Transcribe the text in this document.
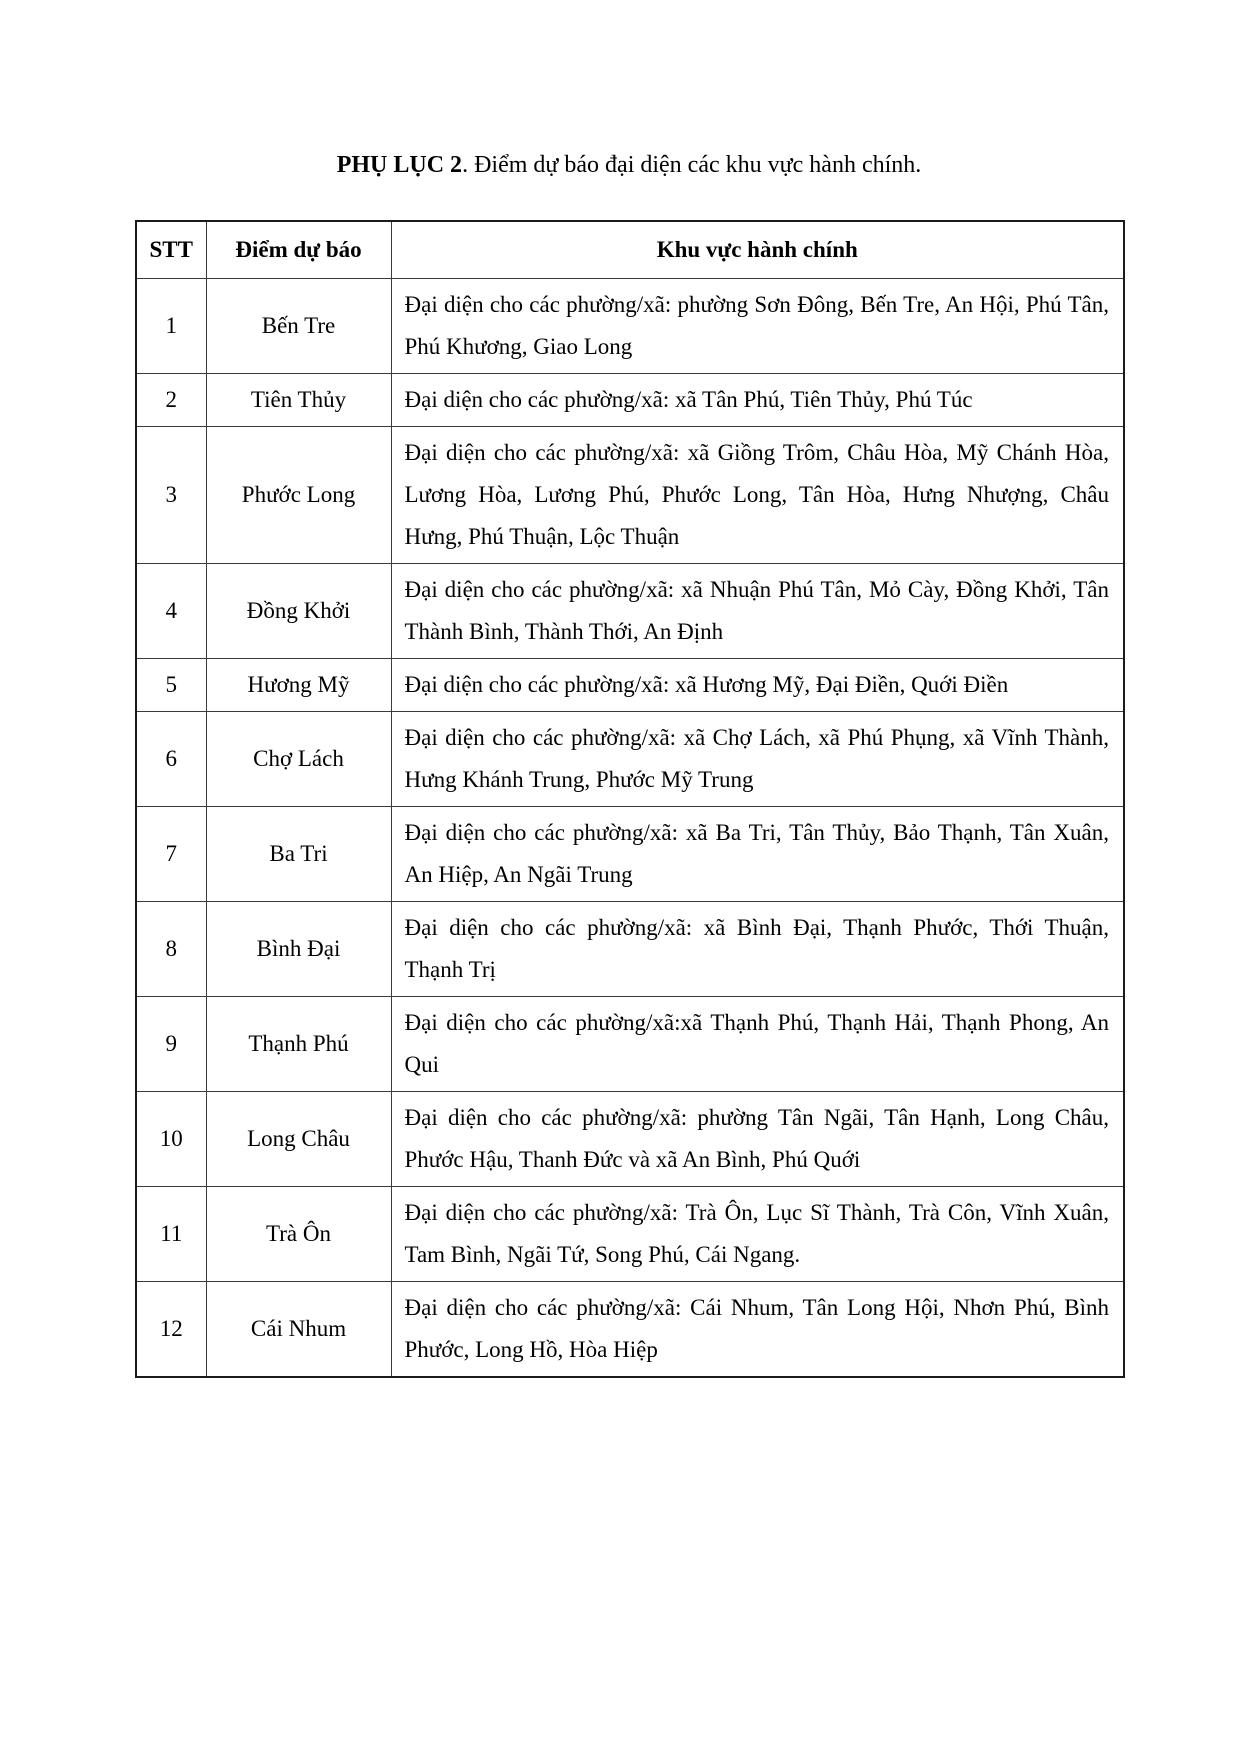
PHỤ LỤC 2. Điểm dự báo đại diện các khu vực hành chính.
STT	Điểm dự báo	Khu vực hành chính
1	Bến Tre	Đại diện cho các phường/xã: phường Sơn Đông, Bến Tre, An Hội, Phú Tân, Phú Khương, Giao Long
2	Tiên Thủy	Đại diện cho các phường/xã: xã Tân Phú, Tiên Thủy, Phú Túc
3	Phước Long	Đại diện cho các phường/xã: xã Giồng Trôm, Châu Hòa, Mỹ Chánh Hòa, Lương Hòa, Lương Phú, Phước Long, Tân Hòa, Hưng Nhượng, Châu Hưng, Phú Thuận, Lộc Thuận
4	Đồng Khởi	Đại diện cho các phường/xã: xã Nhuận Phú Tân, Mỏ Cày, Đồng Khởi, Tân Thành Bình, Thành Thới, An Định
5	Hương Mỹ	Đại diện cho các phường/xã: xã Hương Mỹ, Đại Điền, Quới Điền
6	Chợ Lách	Đại diện cho các phường/xã: xã Chợ Lách, xã Phú Phụng, xã Vĩnh Thành, Hưng Khánh Trung, Phước Mỹ Trung
7	Ba Tri	Đại diện cho các phường/xã: xã Ba Tri, Tân Thủy, Bảo Thạnh, Tân Xuân, An Hiệp, An Ngãi Trung
8	Bình Đại	Đại diện cho các phường/xã: xã Bình Đại, Thạnh Phước, Thới Thuận, Thạnh Trị
9	Thạnh Phú	Đại diện cho các phường/xã:xã Thạnh Phú, Thạnh Hải, Thạnh Phong, An Qui
10	Long Châu	Đại diện cho các phường/xã: phường Tân Ngãi, Tân Hạnh, Long Châu, Phước Hậu, Thanh Đức và xã An Bình, Phú Quới
11	Trà Ôn	Đại diện cho các phường/xã: Trà Ôn, Lục Sĩ Thành, Trà Côn, Vĩnh Xuân, Tam Bình, Ngãi Tứ, Song Phú, Cái Ngang.
12	Cái Nhum	Đại diện cho các phường/xã: Cái Nhum, Tân Long Hội, Nhơn Phú, Bình Phước, Long Hồ, Hòa Hiệp
